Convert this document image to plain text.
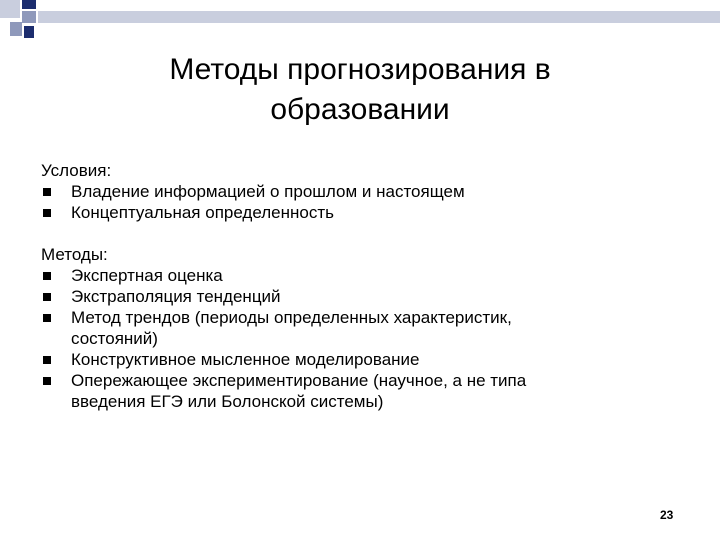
Методы прогнозирования в
образовании
Условия:
Владение информацией о прошлом и настоящем
Концептуальная определенность
Методы:
Экспертная оценка
Экстраполяция тенденций
Метод трендов (периоды определенных характеристик,
состояний)
Конструктивное мысленное моделирование
Опережающее экспериментирование (научное, а не типа
введения ЕГЭ или Болонской системы)
23
